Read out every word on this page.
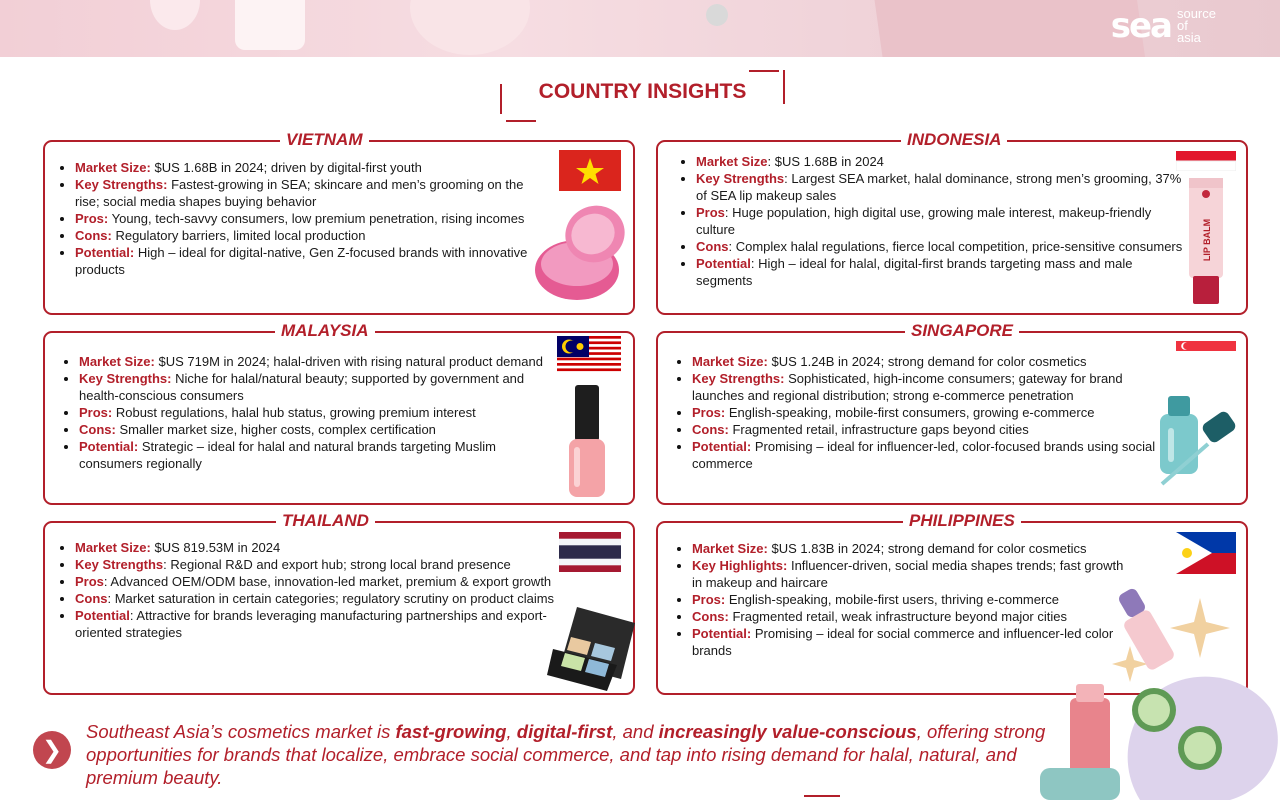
sea source
of
asia
COUNTRY INSIGHTS
VIETNAM
• Market Size: $US 1.68B in 2024; driven by digital-first youth
• Key Strengths: Fastest-growing in SEA; skincare and men’s grooming on the rise; social media shapes buying behavior
• Pros: Young, tech-savvy consumers, low premium penetration, rising incomes
• Cons: Regulatory barriers, limited local production
• Potential: High – ideal for digital-native, Gen Z-focused brands with innovative products
INDONESIA
• Market Size: $US 1.68B in 2024
• Key Strengths: Largest SEA market, halal dominance, strong men’s grooming, 37% of SEA lip makeup sales
• Pros: Huge population, high digital use, growing male interest, makeup-friendly culture
• Cons: Complex halal regulations, fierce local competition, price-sensitive consumers
• Potential: High – ideal for halal, digital-first brands targeting mass and male segments
LIP BALM
MALAYSIA
• Market Size: $US 719M in 2024; halal-driven with rising natural product demand
• Key Strengths: Niche for halal/natural beauty; supported by government and health-conscious consumers
• Pros: Robust regulations, halal hub status, growing premium interest
• Cons: Smaller market size, higher costs, complex certification
• Potential: Strategic – ideal for halal and natural brands targeting Muslim consumers regionally
SINGAPORE
• Market Size: $US 1.24B in 2024; strong demand for color cosmetics
• Key Strengths: Sophisticated, high-income consumers; gateway for brand launches and regional distribution; strong e-commerce penetration
• Pros: English-speaking, mobile-first consumers, growing e-commerce
• Cons: Fragmented retail, infrastructure gaps beyond cities
• Potential: Promising – ideal for influencer-led, color-focused brands using social commerce
THAILAND
• Market Size: $US 819.53M in 2024
• Key Strengths: Regional R&D and export hub; strong local brand presence
• Pros: Advanced OEM/ODM base, innovation-led market, premium & export growth
• Cons: Market saturation in certain categories; regulatory scrutiny on product claims
• Potential: Attractive for brands leveraging manufacturing partnerships and export-oriented strategies
PHILIPPINES
• Market Size: $US 1.83B in 2024; strong demand for color cosmetics
• Key Highlights: Influencer-driven, social media shapes trends; fast growth in makeup and haircare
• Pros: English-speaking, mobile-first users, thriving e-commerce
• Cons: Fragmented retail, weak infrastructure beyond major cities
• Potential: Promising – ideal for social commerce and influencer-led color brands
❯
Southeast Asia’s cosmetics market is fast-growing, digital-first, and increasingly value-conscious, offering strong opportunities for brands that localize, embrace social commerce, and tap into rising demand for halal, natural, and premium beauty.
